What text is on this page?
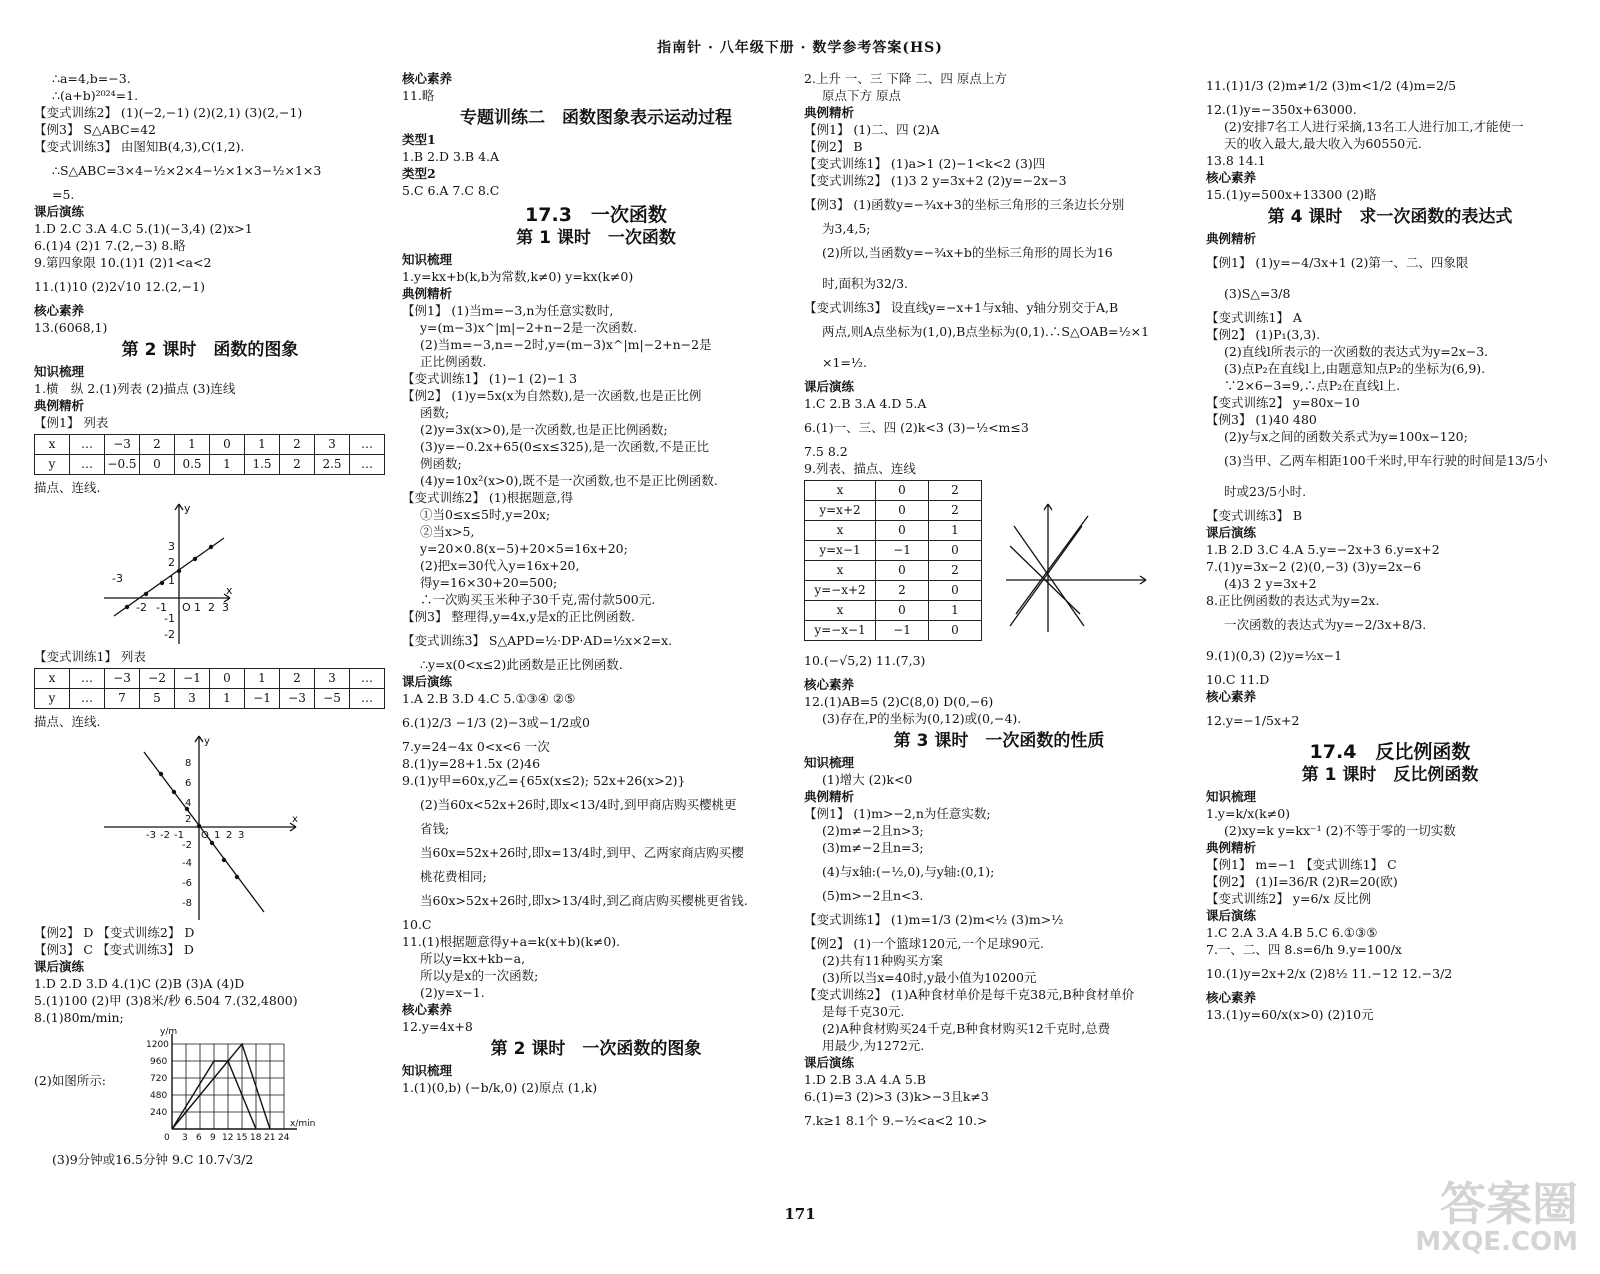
指南针 · 八年级下册 · 数学参考答案(HS)
∴a=4,b=−3.
∴(a+b)²⁰²⁴=1.
【变式训练2】 (1)(−2,−1) (2)(2,1) (3)(2,−1)
【例3】 S△ABC=42
【变式训练3】 由图知B(4,3),C(1,2).
∴S△ABC=3×4−½×2×4−½×1×3−½×1×3
=5.
课后演练
1.D 2.C 3.A 4.C 5.(1)(−3,4) (2)x>1
6.(1)4 (2)1 7.(2,−3) 8.略
9.第四象限 10.(1)1 (2)1<a<2
11.(1)10 (2)2√10 12.(2,−1)
核心素养
13.(6068,1)
第 2 课时　函数的图象
知识梳理
1.横　纵 2.(1)列表 (2)描点 (3)连线
典例精析
【例1】 列表
x	…	−3	2	1	0	1	2	3	…
y	…	−0.5	0	0.5	1	1.5	2	2.5	…
描点、连线.
-3
-2 -1 O 1 2 3
x
y
3
2
1
-1
-2
【变式训练1】 列表
x	…	−3	−2	−1	0	1	2	3	…
y	…	7	5	3	1	−1	−3	−5	…
描点、连线.
8
6
4
2
-2
-4
-6
-8
-3 -2 -1 O 1 2 3
x
y
【例2】 D 【变式训练2】 D
【例3】 C 【变式训练3】 D
课后演练
1.D 2.D 3.D 4.(1)C (2)B (3)A (4)D
5.(1)100 (2)甲 (3)8米/秒 6.504 7.(32,4800)
8.(1)80m/min;
(2)如图所示:
y/m
1200
960
720
480
240
0 3 6 9 12 15 18 21 24
x/min
(3)9分钟或16.5分钟 9.C 10.7√3/2
核心素养
11.略
专题训练二　函数图象表示运动过程
类型1
1.B 2.D 3.B 4.A
类型2
5.C 6.A 7.C 8.C
17.3　一次函数
第 1 课时　一次函数
知识梳理
1.y=kx+b(k,b为常数,k≠0) y=kx(k≠0)
典例精析
【例1】 (1)当m=−3,n为任意实数时,
y=(m−3)x^|m|−2+n−2是一次函数.
(2)当m=−3,n=−2时,y=(m−3)x^|m|−2+n−2是
正比例函数.
【变式训练1】 (1)−1 (2)−1 3
【例2】 (1)y=5x(x为自然数),是一次函数,也是正比例
函数;
(2)y=3x(x>0),是一次函数,也是正比例函数;
(3)y=−0.2x+65(0≤x≤325),是一次函数,不是正比
例函数;
(4)y=10x²(x>0),既不是一次函数,也不是正比例函数.
【变式训练2】 (1)根据题意,得
①当0≤x≤5时,y=20x;
②当x>5,
y=20×0.8(x−5)+20×5=16x+20;
(2)把x=30代入y=16x+20,
得y=16×30+20=500;
∴一次购买玉米种子30千克,需付款500元.
【例3】 整理得,y=4x,y是x的正比例函数.
【变式训练3】 S△APD=½·DP·AD=½x×2=x.
∴y=x(0<x≤2)此函数是正比例函数.
课后演练
1.A 2.B 3.D 4.C 5.①③④ ②⑤
6.(1)2/3 −1/3 (2)−3或−1/2或0
7.y=24−4x 0<x<6 一次
8.(1)y=28+1.5x (2)46
9.(1)y甲=60x,y乙={65x(x≤2); 52x+26(x>2)}
(2)当60x<52x+26时,即x<13/4时,到甲商店购买樱桃更
省钱;
当60x=52x+26时,即x=13/4时,到甲、乙两家商店购买樱
桃花费相同;
当60x>52x+26时,即x>13/4时,到乙商店购买樱桃更省钱.
10.C
11.(1)根据题意得y+a=k(x+b)(k≠0).
所以y=kx+kb−a,
所以y是x的一次函数;
(2)y=x−1.
核心素养
12.y=4x+8
第 2 课时　一次函数的图象
知识梳理
1.(1)(0,b) (−b/k,0) (2)原点 (1,k)
2.上升 一、三 下降 二、四 原点上方
原点下方 原点
典例精析
【例1】 (1)二、四 (2)A
【例2】 B
【变式训练1】 (1)a>1 (2)−1<k<2 (3)四
【变式训练2】 (1)3 2 y=3x+2 (2)y=−2x−3
【例3】 (1)函数y=−¾x+3的坐标三角形的三条边长分别
为3,4,5;
(2)所以,当函数y=−¾x+b的坐标三角形的周长为16
时,面积为32/3.
【变式训练3】 设直线y=−x+1与x轴、y轴分别交于A,B
两点,则A点坐标为(1,0),B点坐标为(0,1).∴S△OAB=½×1
×1=½.
课后演练
1.C 2.B 3.A 4.D 5.A
6.(1)一、三、四 (2)k<3 (3)−½<m≤3
7.5 8.2
9.列表、描点、连线
x	0	2
y=x+2	0	2
x	0	1
y=x−1	−1	0
x	0	2
y=−x+2	2	0
x	0	1
y=−x−1	−1	0
10.(−√5,2) 11.(7,3)
核心素养
12.(1)AB=5 (2)C(8,0) D(0,−6)
(3)存在,P的坐标为(0,12)或(0,−4).
第 3 课时　一次函数的性质
知识梳理
(1)增大 (2)k<0
典例精析
【例1】 (1)m>−2,n为任意实数;
(2)m≠−2且n>3;
(3)m≠−2且n=3;
(4)与x轴:(−½,0),与y轴:(0,1);
(5)m>−2且n<3.
【变式训练1】 (1)m=1/3 (2)m<½ (3)m>½
【例2】 (1)一个篮球120元,一个足球90元.
(2)共有11种购买方案
(3)所以当x=40时,y最小值为10200元
【变式训练2】 (1)A种食材单价是每千克38元,B种食材单价
是每千克30元.
(2)A种食材购买24千克,B种食材购买12千克时,总费
用最少,为1272元.
课后演练
1.D 2.B 3.A 4.A 5.B
6.(1)=3 (2)>3 (3)k>−3且k≠3
7.k≥1 8.1个 9.−½<a<2 10.>
11.(1)1/3 (2)m≠1/2 (3)m<1/2 (4)m=2/5
12.(1)y=−350x+63000.
(2)安排7名工人进行采摘,13名工人进行加工,才能使一
天的收入最大,最大收入为60550元.
13.8 14.1
核心素养
15.(1)y=500x+13300 (2)略
第 4 课时　求一次函数的表达式
典例精析
【例1】 (1)y=−4/3x+1 (2)第一、二、四象限
(3)S△=3/8
【变式训练1】 A
【例2】 (1)P₁(3,3).
(2)直线l所表示的一次函数的表达式为y=2x−3.
(3)点P₂在直线l上,由题意知点P₂的坐标为(6,9).
∵2×6−3=9,∴点P₂在直线l上.
【变式训练2】 y=80x−10
【例3】 (1)40 480
(2)y与x之间的函数关系式为y=100x−120;
(3)当甲、乙两车相距100千米时,甲车行驶的时间是13/5小
时或23/5小时.
【变式训练3】 B
课后演练
1.B 2.D 3.C 4.A 5.y=−2x+3 6.y=x+2
7.(1)y=3x−2 (2)(0,−3) (3)y=2x−6
(4)3 2 y=3x+2
8.正比例函数的表达式为y=2x.
一次函数的表达式为y=−2/3x+8/3.
9.(1)(0,3) (2)y=½x−1
10.C 11.D
核心素养
12.y=−1/5x+2
17.4　反比例函数
第 1 课时　反比例函数
知识梳理
1.y=k/x(k≠0)
(2)xy=k y=kx⁻¹ (2)不等于零的一切实数
典例精析
【例1】 m=−1 【变式训练1】 C
【例2】 (1)I=36/R (2)R=20(欧)
【变式训练2】 y=6/x 反比例
课后演练
1.C 2.A 3.A 4.B 5.C 6.①③⑤
7.一、二、四 8.s=6/h 9.y=100/x
10.(1)y=2x+2/x (2)8½ 11.−12 12.−3/2
核心素养
13.(1)y=60/x(x>0) (2)10元
171	答案圈
MXQE.COM
